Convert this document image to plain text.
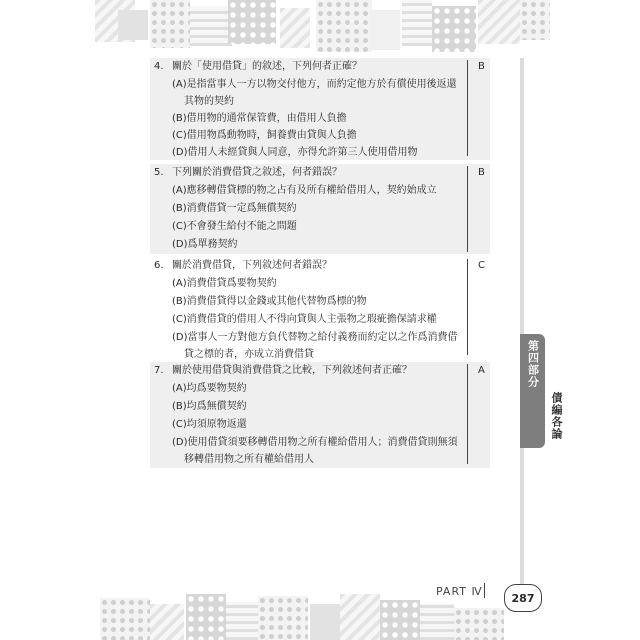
4. 關於「使用借貸」的敘述，下列何者正確？
(A)是指當事人一方以物交付他方，而約定他方於有償使用後返還
其物的契約
(B)借用物的通常保管費，由借用人負擔
(C)借用物爲動物時，飼養費由貸與人負擔
(D)借用人未經貸與人同意，亦得允許第三人使用借用物
5. 下列關於消費借貸之敘述，何者錯誤？
(A)應移轉借貸標的物之占有及所有權給借用人，契約始成立
(B)消費借貸一定爲無償契約
(C)不會發生給付不能之問題
(D)爲單務契約
6. 關於消費借貸，下列敘述何者錯誤？
(A)消費借貸爲要物契約
(B)消費借貸得以金錢或其他代替物爲標的物
(C)消費借貸的借用人不得向貸與人主張物之瑕疵擔保請求權
(D)當事人一方對他方負代替物之給付義務而約定以之作爲消費借
貸之標的者，亦成立消費借貸
7. 關於使用借貸與消費借貸之比較，下列敘述何者正確？
(A)均爲要物契約
(B)均爲無償契約
(C)均須原物返還
(D)使用借貸須要移轉借用物之所有權給借用人；消費借貸則無須
移轉借用物之所有權給借用人
B
B
C
A	第四部分
債編各論
PART Ⅳ	287
